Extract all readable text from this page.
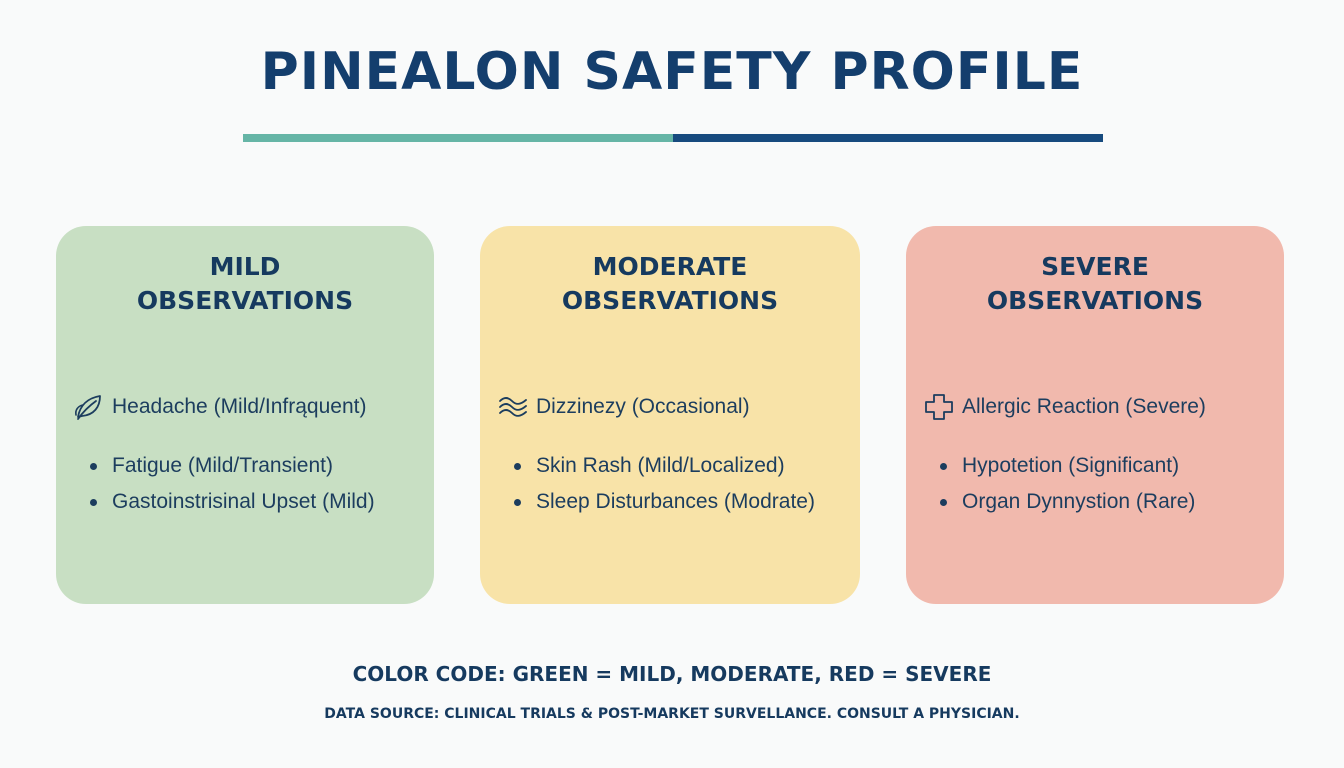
PINEALON SAFETY PROFILE
MILD
OBSERVATIONS
Headache (Mild/Infrąquent)
Fatigue (Mild/Transient)
Gastoinstrisinal Upset (Mild)
MODERATE
OBSERVATIONS
Dizzinezy (Occasional)
Skin Rash (Mild/Localized)
Sleep Disturbances (Modrate)
SEVERE
OBSERVATIONS
Allergic Reaction (Severe)
Hypotetion (Significant)
Organ Dynnystion (Rare)
COLOR CODE: GREEN = MILD, MODERATE, RED = SEVERE
DATA SOURCE: CLINICAL TRIALS & POST-MARKET SURVELLANCE. CONSULT A PHYSICIAN.
